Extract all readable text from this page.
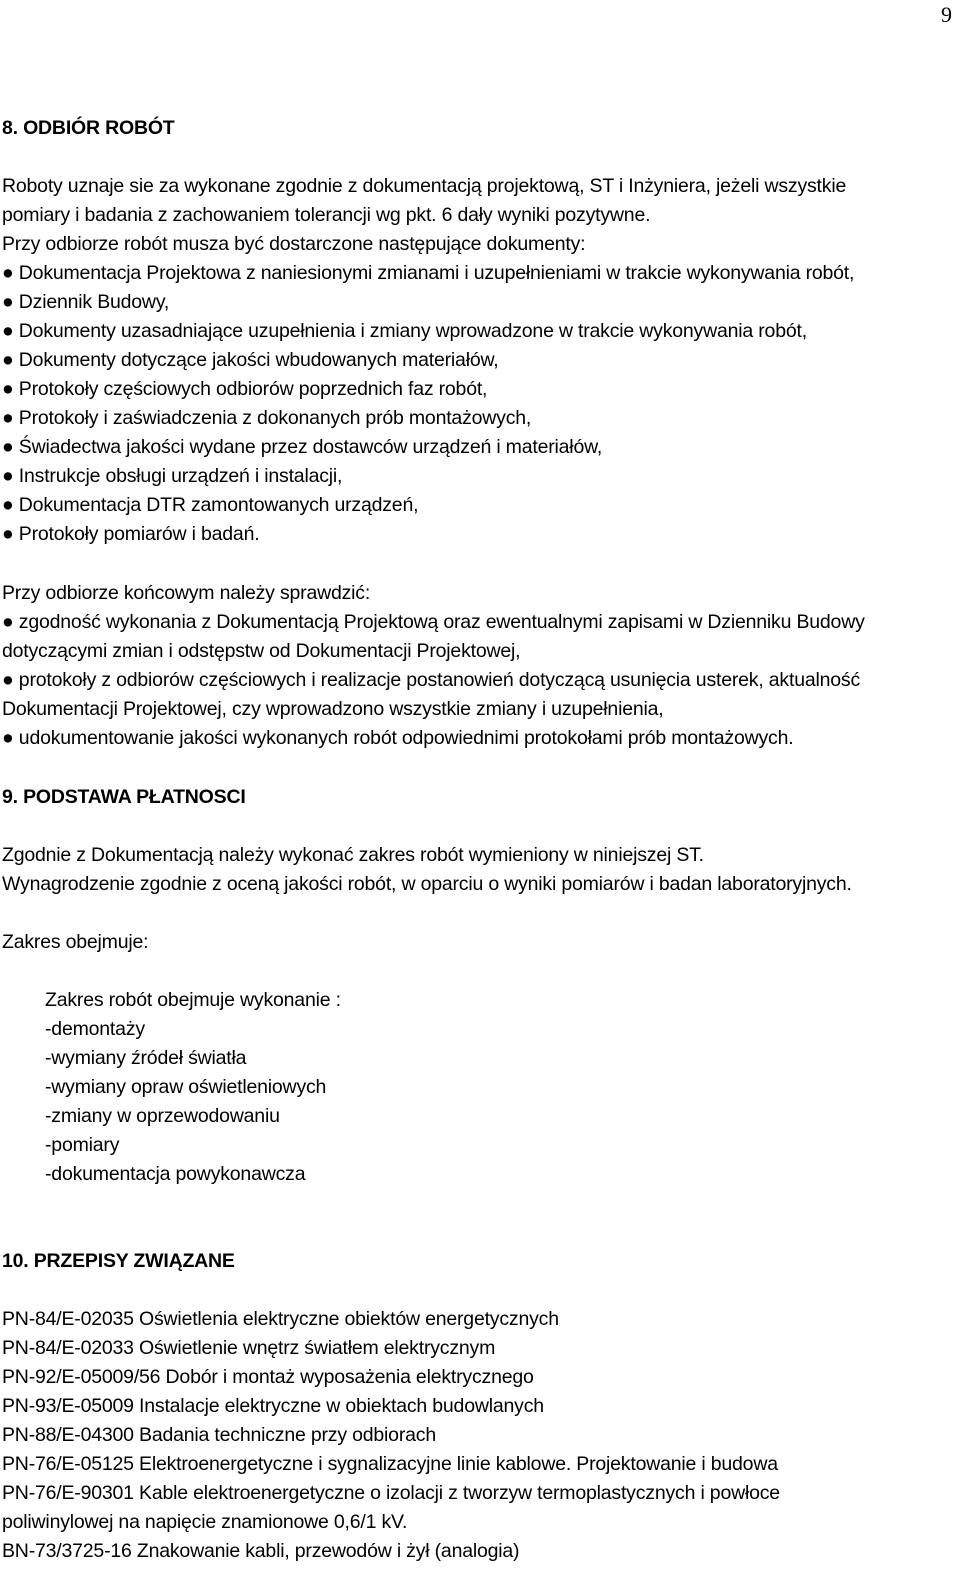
9
8. ODBIÓR ROBÓT

Roboty uznaje sie za wykonane zgodnie z dokumentacją projektową, ST i Inżyniera, jeżeli wszystkie

pomiary i badania z zachowaniem tolerancji wg pkt. 6 dały wyniki pozytywne.

Przy odbiorze robót musza być dostarczone następujące dokumenty:

● Dokumentacja Projektowa z naniesionymi zmianami i uzupełnieniami w trakcie wykonywania robót,

● Dziennik Budowy,

● Dokumenty uzasadniające uzupełnienia i zmiany wprowadzone w trakcie wykonywania robót,

● Dokumenty dotyczące jakości wbudowanych materiałów,

● Protokoły częściowych odbiorów poprzednich faz robót,

● Protokoły i zaświadczenia z dokonanych prób montażowych,

● Świadectwa jakości wydane przez dostawców urządzeń i materiałów,

● Instrukcje obsługi urządzeń i instalacji,

● Dokumentacja DTR zamontowanych urządzeń,

● Protokoły pomiarów i badań.

Przy odbiorze końcowym należy sprawdzić:

● zgodność wykonania z Dokumentacją Projektową oraz ewentualnymi zapisami w Dzienniku Budowy

dotyczącymi zmian i odstępstw od Dokumentacji Projektowej,

● protokoły z odbiorów częściowych i realizacje postanowień dotyczącą usunięcia usterek, aktualność

Dokumentacji Projektowej, czy wprowadzono wszystkie zmiany i uzupełnienia,

● udokumentowanie jakości wykonanych robót odpowiednimi protokołami prób montażowych.

9. PODSTAWA PŁATNOSCI

Zgodnie z Dokumentacją należy wykonać zakres robót wymieniony w niniejszej ST.

Wynagrodzenie zgodnie z oceną jakości robót, w oparciu o wyniki pomiarów i badan laboratoryjnych.

Zakres obejmuje:

Zakres robót obejmuje wykonanie :

-demontaży

-wymiany źródeł światła

-wymiany opraw oświetleniowych

-zmiany w oprzewodowaniu

-pomiary

-dokumentacja powykonawcza

10. PRZEPISY ZWIĄZANE

PN-84/E-02035 Oświetlenia elektryczne obiektów energetycznych

PN-84/E-02033 Oświetlenie wnętrz światłem elektrycznym

PN-92/E-05009/56 Dobór i montaż wyposażenia elektrycznego

PN-93/E-05009 Instalacje elektryczne w obiektach budowlanych

PN-88/E-04300 Badania techniczne przy odbiorach

PN-76/E-05125 Elektroenergetyczne i sygnalizacyjne linie kablowe. Projektowanie i budowa

PN-76/E-90301 Kable elektroenergetyczne o izolacji z tworzyw termoplastycznych i powłoce

poliwinylowej na napięcie znamionowe 0,6/1 kV.

BN-73/3725-16 Znakowanie kabli, przewodów i żył (analogia)
